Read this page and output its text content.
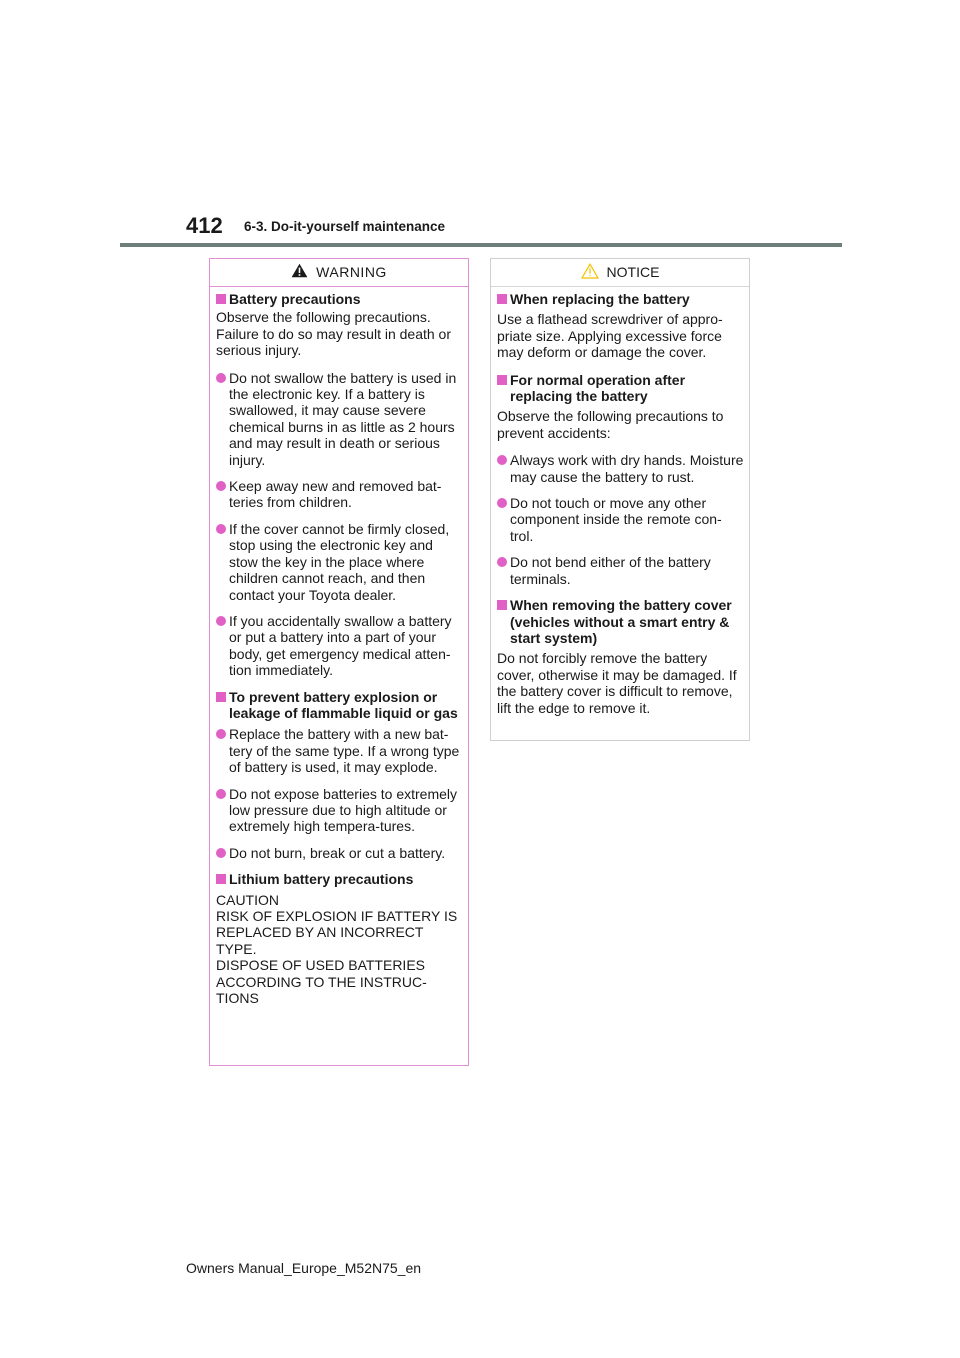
412 6-3. Do-it-yourself maintenance
WARNING
Battery precautions
Observe the following precautions. Failure to do so may result in death or serious injury.
Do not swallow the battery is used in the electronic key. If a battery is swallowed, it may cause severe chemical burns in as little as 2 hours and may result in death or serious injury.
Keep away new and removed bat-teries from children.
If the cover cannot be firmly closed, stop using the electronic key and stow the key in the place where children cannot reach, and then contact your Toyota dealer.
If you accidentally swallow a battery or put a battery into a part of your body, get emergency medical atten-tion immediately.
To prevent battery explosion or leakage of flammable liquid or gas
Replace the battery with a new bat-tery of the same type. If a wrong type of battery is used, it may explode.
Do not expose batteries to extremely low pressure due to high altitude or extremely high tempera-tures.
Do not burn, break or cut a battery.
Lithium battery precautions
CAUTION
RISK OF EXPLOSION IF BATTERY IS REPLACED BY AN INCORRECT TYPE.
DISPOSE OF USED BATTERIES ACCORDING TO THE INSTRUC-TIONS
NOTICE
When replacing the battery
Use a flathead screwdriver of appro-priate size. Applying excessive force may deform or damage the cover.
For normal operation after replacing the battery
Observe the following precautions to prevent accidents:
Always work with dry hands. Moisture may cause the battery to rust.
Do not touch or move any other component inside the remote con-trol.
Do not bend either of the battery terminals.
When removing the battery cover (vehicles without a smart entry & start system)
Do not forcibly remove the battery cover, otherwise it may be damaged. If the battery cover is difficult to remove, lift the edge to remove it.
Owners Manual_Europe_M52N75_en
